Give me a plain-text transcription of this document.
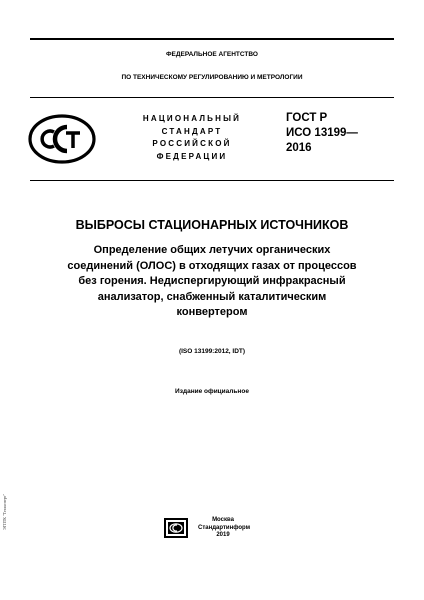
ФЕДЕРАЛЬНОЕ АГЕНТСТВО
ПО ТЕХНИЧЕСКОМУ РЕГУЛИРОВАНИЮ И МЕТРОЛОГИИ
НАЦИОНАЛЬНЫЙ
СТАНДАРТ
РОССИЙСКОЙ
ФЕДЕРАЦИИ
ГОСТ Р
ИСО 13199—
2016
ВЫБРОСЫ СТАЦИОНАРНЫХ ИСТОЧНИКОВ
Определение общих летучих органических
соединений (ОЛОС) в отходящих газах от процессов
без горения. Недиспергирующий инфракрасный
анализатор, снабженный каталитическим
конвертером
(ISO 13199:2012, IDT)
Издание официальное
Москва
Стандартинформ
2019
ЭГПТК "Техэксперт"
